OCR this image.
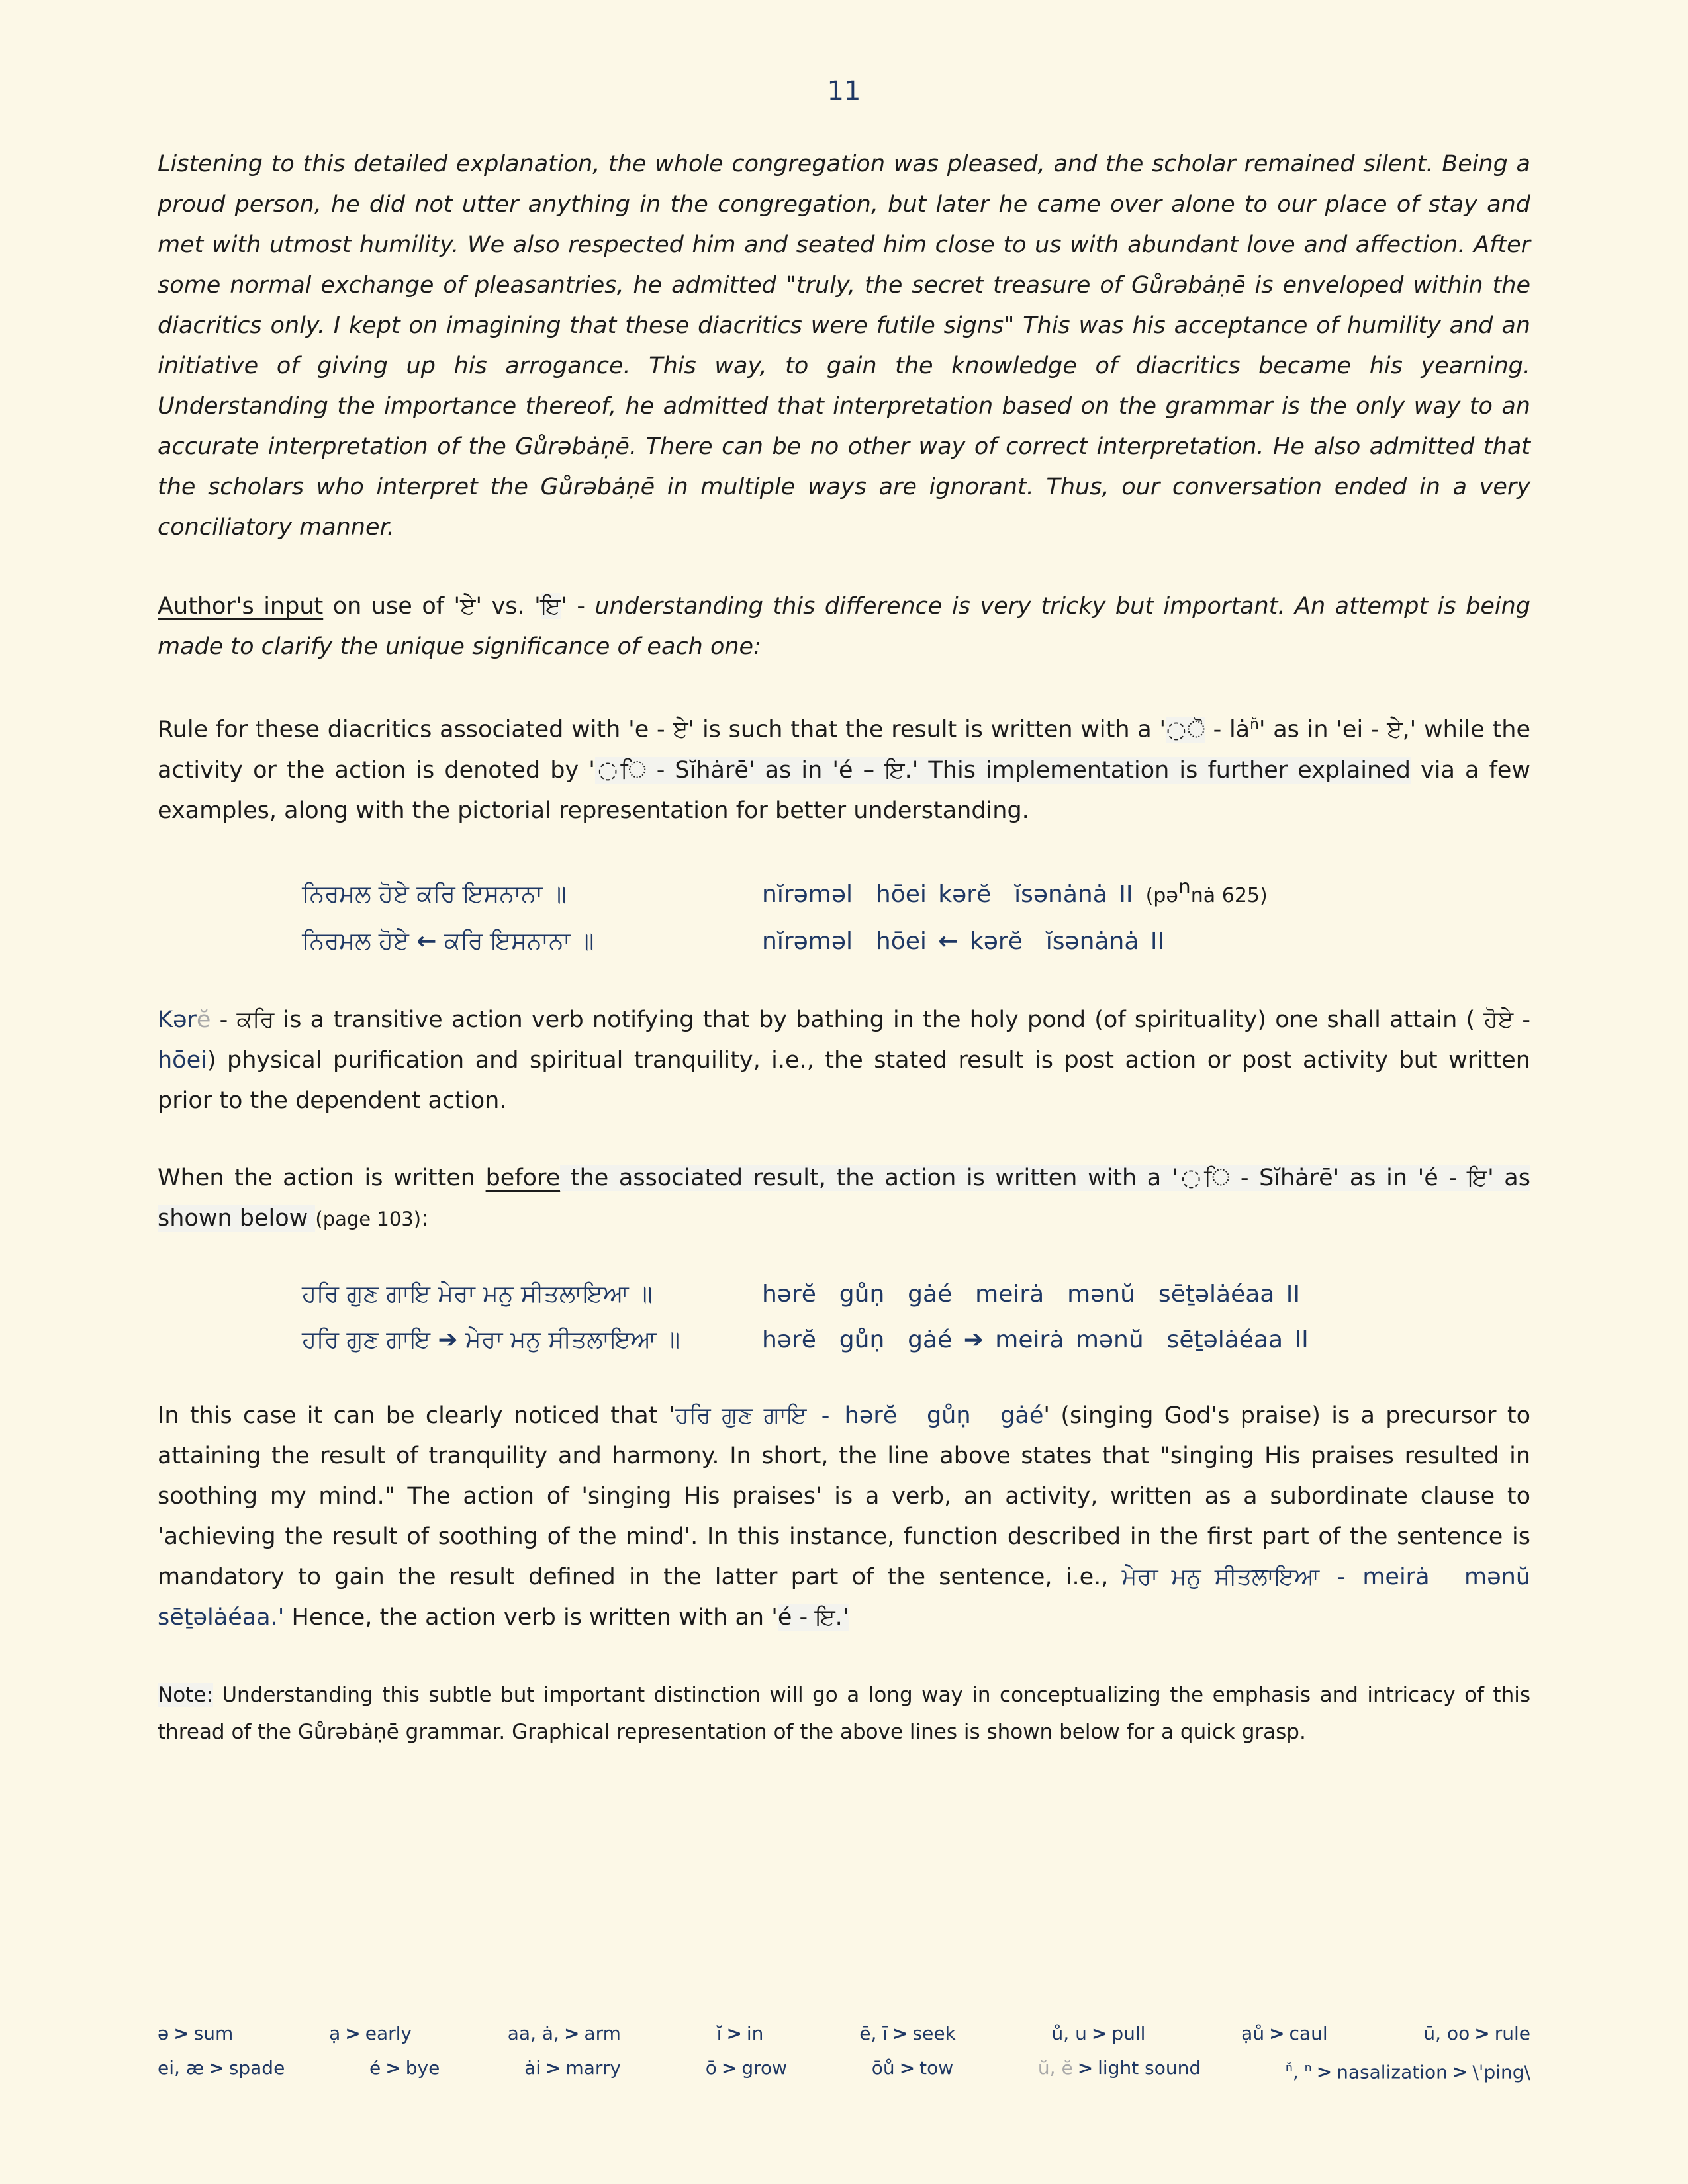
11

Listening to this detailed explanation, the whole congregation was pleased, and the scholar remained silent. Being a proud person, he did not utter anything in the congregation, but later he came over alone to our place of stay and met with utmost humility. We also respected him and seated him close to us with abundant love and affection. After some normal exchange of pleasantries, he admitted "truly, the secret treasure of Gůrəbȧṇē is enveloped within the diacritics only. I kept on imagining that these diacritics were futile signs" This was his acceptance of humility and an initiative of giving up his arrogance. This way, to gain the knowledge of diacritics became his yearning. Understanding the importance thereof, he admitted that interpretation based on the grammar is the only way to an accurate interpretation of the Gůrəbȧṇē. There can be no other way of correct interpretation. He also admitted that the scholars who interpret the Gůrəbȧṇē in multiple ways are ignorant. Thus, our conversation ended in a very conciliatory manner.

Author's input on use of 'ਏ' vs. 'ਇ' - understanding this difference is very tricky but important. An attempt is being made to clarify the unique significance of each one:

Rule for these diacritics associated with 'e - ਏ' is such that the result is written with a '◌ੋ - $lȧ^{n̆}'$ as in 'ei - ਏ,' while the activity or the action is denoted by '◌ਿ - Sĭhȧrē' as in 'é – ਇ.' This implementation is further explained via a few examples, along with the pictorial representation for better understanding.

ਨਿਰਮਲ ਹੋਏ ਕਰਿ ਇਸਨਾਨਾ ॥	nĭrəməl  hōei kərĕ  ĭsənȧnȧ II  (pə$^n$nȧ 625)
ਨਿਰਮਲ ਹੋਏ ← ਕਰਿ ਇਸਨਾਨਾ ॥	nĭrəməl  hōei ← kərĕ  ĭsənȧnȧ II

Kərĕ - ਕਰਿ is a transitive action verb notifying that by bathing in the holy pond (of spirituality) one shall attain ( ਹੋਏ - hōei) physical purification and spiritual tranquility, i.e., the stated result is post action or post activity but written prior to the dependent action.

When the action is written before the associated result, the action is written with a '◌ਿ - Sĭhȧrē' as in 'é - ਇ' as shown below (page 103):

ਹਰਿ ਗੁਣ ਗਾਇ ਮੇਰਾ ਮਨੁ ਸੀਤਲਾਇਆ ॥	hərĕ  gůṇ  gȧé  meirȧ  mənŭ  sēṯəlȧéaa II
ਹਰਿ ਗੁਣ ਗਾਇ ➔ ਮੇਰਾ ਮਨੁ ਸੀਤਲਾਇਆ ॥	hərĕ  gůṇ  gȧé ➔ meirȧ mənŭ  sēṯəlȧéaa II

In this case it can be clearly noticed that 'ਹਰਿ ਗੁਣ ਗਾਇ - hərĕ  gůṇ  gȧé' (singing God's praise) is a precursor to attaining the result of tranquility and harmony. In short, the line above states that "singing His praises resulted in soothing my mind." The action of 'singing His praises' is a verb, an activity, written as a subordinate clause to 'achieving the result of soothing of the mind'. In this instance, function described in the first part of the sentence is mandatory to gain the result defined in the latter part of the sentence, i.e., ਮੇਰਾ ਮਨੁ ਸੀਤਲਾਇਆ - meirȧ  mənŭ  sēṯəlȧéaa.' Hence, the action verb is written with an 'é - ਇ.'

Note: Understanding this subtle but important distinction will go a long way in conceptualizing the emphasis and intricacy of this thread of the Gůrəbȧṇē grammar. Graphical representation of the above lines is shown below for a quick grasp.

ə > sum	ạ > early	aa, ȧ, > arm	ĭ > in	ē, ī > seek	ů, u > pull	ạů > caul	ū, oo > rule
ei, æ > spade	é > bye	ȧi > marry	ō > grow	ōů > tow	ŭ, ĕ > light sound	$^{n̆}$, $^n$ > nasalization > \ˈping\
